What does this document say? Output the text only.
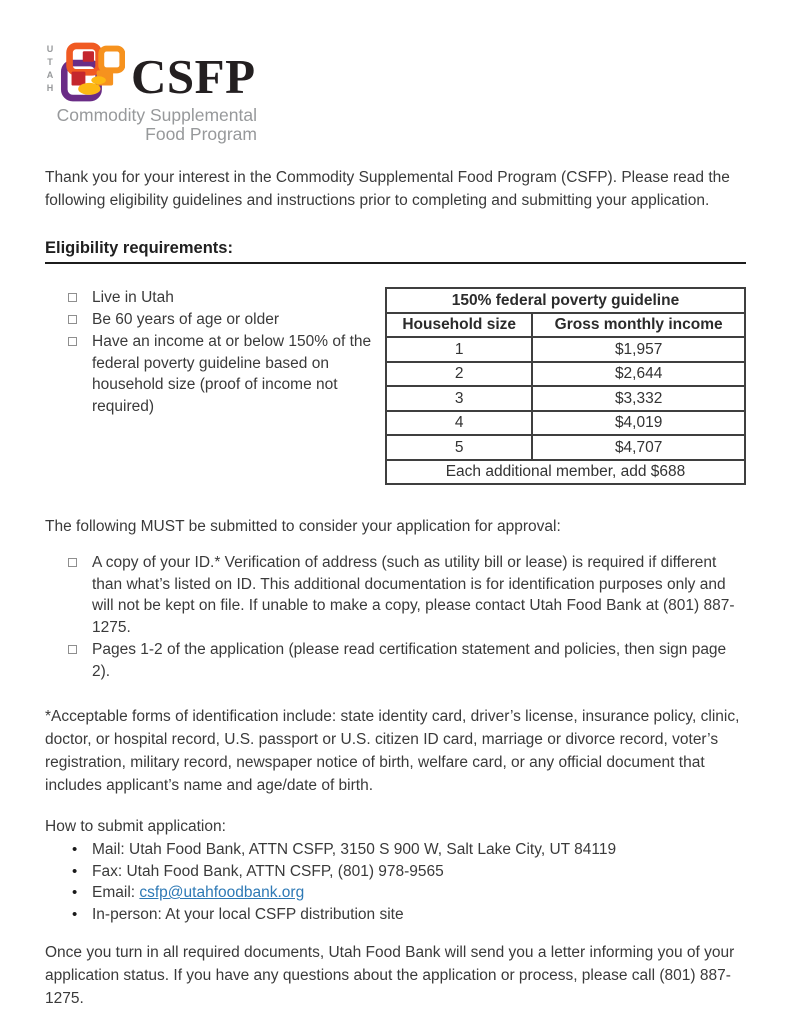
UTAH CSFP
Commodity Supplemental
Food Program

Thank you for your interest in the Commodity Supplemental Food Program (CSFP). Please read the following eligibility guidelines and instructions prior to completing and submitting your application.

Eligibility requirements:
Live in Utah
Be 60 years of age or older
Have an income at or below 150% of the federal poverty guideline based on household size (proof of income not required)
150% federal poverty guideline	
Household size	Gross monthly income
1	$1,957
2	$2,644
3	$3,332
4	$4,019
5	$4,707
Each additional member, add $688	

The following MUST be submitted to consider your application for approval:

A copy of your ID.* Verification of address (such as utility bill or lease) is required if different than what’s listed on ID. This additional documentation is for identification purposes only and will not be kept on file. If unable to make a copy, please contact Utah Food Bank at (801) 887-1275.
Pages 1-2 of the application (please read certification statement and policies, then sign page 2).

*Acceptable forms of identification include: state identity card, driver’s license, insurance policy, clinic, doctor, or hospital record, U.S. passport or U.S. citizen ID card, marriage or divorce record, voter’s registration, military record, newspaper notice of birth, welfare card, or any official document that includes applicant’s name and age/date of birth.

How to submit application:
• Mail: Utah Food Bank, ATTN CSFP, 3150 S 900 W, Salt Lake City, UT 84119
• Fax: Utah Food Bank, ATTN CSFP, (801) 978-9565
• Email: csfp@utahfoodbank.org
• In-person: At your local CSFP distribution site

Once you turn in all required documents, Utah Food Bank will send you a letter informing you of your application status. If you have any questions about the application or process, please call (801) 887-1275.
